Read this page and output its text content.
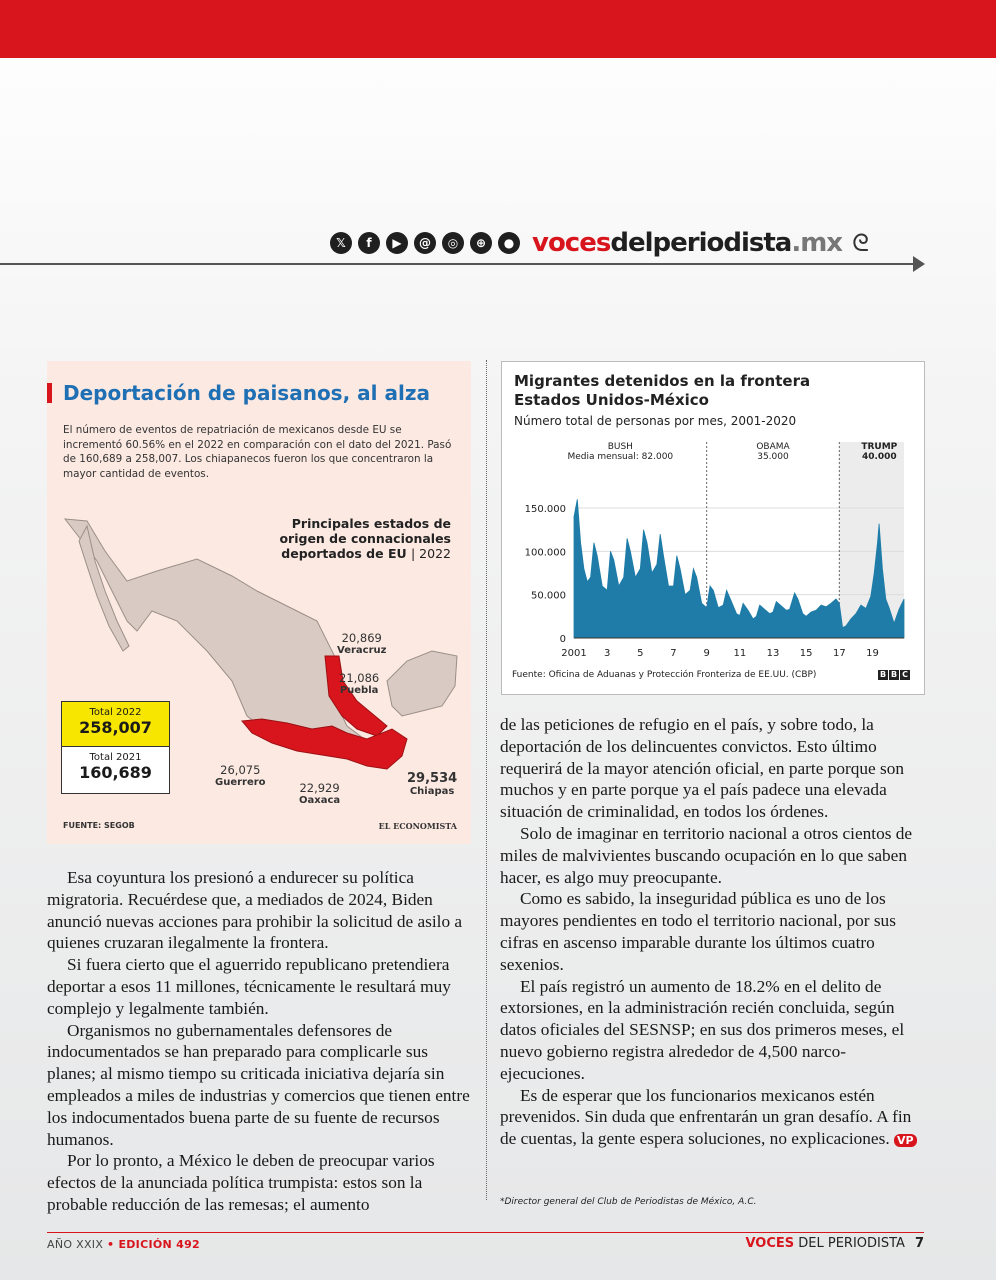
𝕏	f	▶	@	◎	⊕	● vocesdelperiodista.mx ᘓ
Deportación de paisanos, al alza
El número de eventos de repatriación de mexicanos desde EU se incrementó 60.56% en el 2022 en comparación con el dato del 2021. Pasó de 160,689 a 258,007. Los chiapanecos fueron los que concentraron la mayor cantidad de eventos.
Principales estados de origen de connacionales deportados de EU | 2022
20,869
Veracruz
21,086
Puebla
26,075
Guerrero	22,929
Oaxaca
29,534
Chiapas
Total 2022
258,007
Total 2021
160,689
FUENTE: SEGOB	EL ECONOMISTA
Migrantes detenidos en la frontera
Estados Unidos-México
Número total de personas por mes, 2001-2020
150.000
100.000
50.000
0
BUSH
Media mensual: 82.000
OBAMA
35.000
TRUMP
40.000
2001 3	5	7	9 11 13 15 17 19
Fuente: Oficina de Aduanas y Protección Fronteriza de EE.UU. (CBP)	B B C

Esa coyuntura los presionó a endurecer su política migratoria. Recuérdese que, a mediados de 2024, Biden anunció nuevas acciones para prohibir la solicitud de asilo a quienes cruzaran ilegalmente la frontera.

Si fuera cierto que el aguerrido republicano pretendiera deportar a esos 11 millones, técnicamente le resultará muy complejo y legalmente también.

Organismos no gubernamentales defensores de indocumentados se han preparado para complicarle sus planes; al mismo tiempo su criticada iniciativa dejaría sin empleados a miles de industrias y comercios que tienen entre los indocumentados buena parte de su fuente de recursos humanos.

Por lo pronto, a México le deben de preocupar varios efectos de la anunciada política trumpista: estos son la probable reducción de las remesas; el aumento

de las peticiones de refugio en el país, y sobre todo, la deportación de los delincuentes convictos. Esto último requerirá de la mayor atención oficial, en parte porque son muchos y en parte porque ya el país padece una elevada situación de criminalidad, en todos los órdenes.

Solo de imaginar en territorio nacional a otros cientos de miles de malvivientes buscando ocupación en lo que saben hacer, es algo muy preocupante.

Como es sabido, la inseguridad pública es uno de los mayores pendientes en todo el territorio nacional, por sus cifras en ascenso imparable durante los últimos cuatro sexenios.

El país registró un aumento de 18.2% en el delito de extorsiones, en la administración recién concluida, según datos oficiales del SESNSP; en sus dos primeros meses, el nuevo gobierno registra alrededor de 4,500 narco-ejecuciones.

Es de esperar que los funcionarios mexicanos estén prevenidos. Sin duda que enfrentarán un gran desafío. A fin de cuentas, la gente espera soluciones, no explicaciones. VP

*Director general del Club de Periodistas de México, A.C.
AÑO XXIX • EDICIÓN 492	VOCES DEL PERIODISTA 7
